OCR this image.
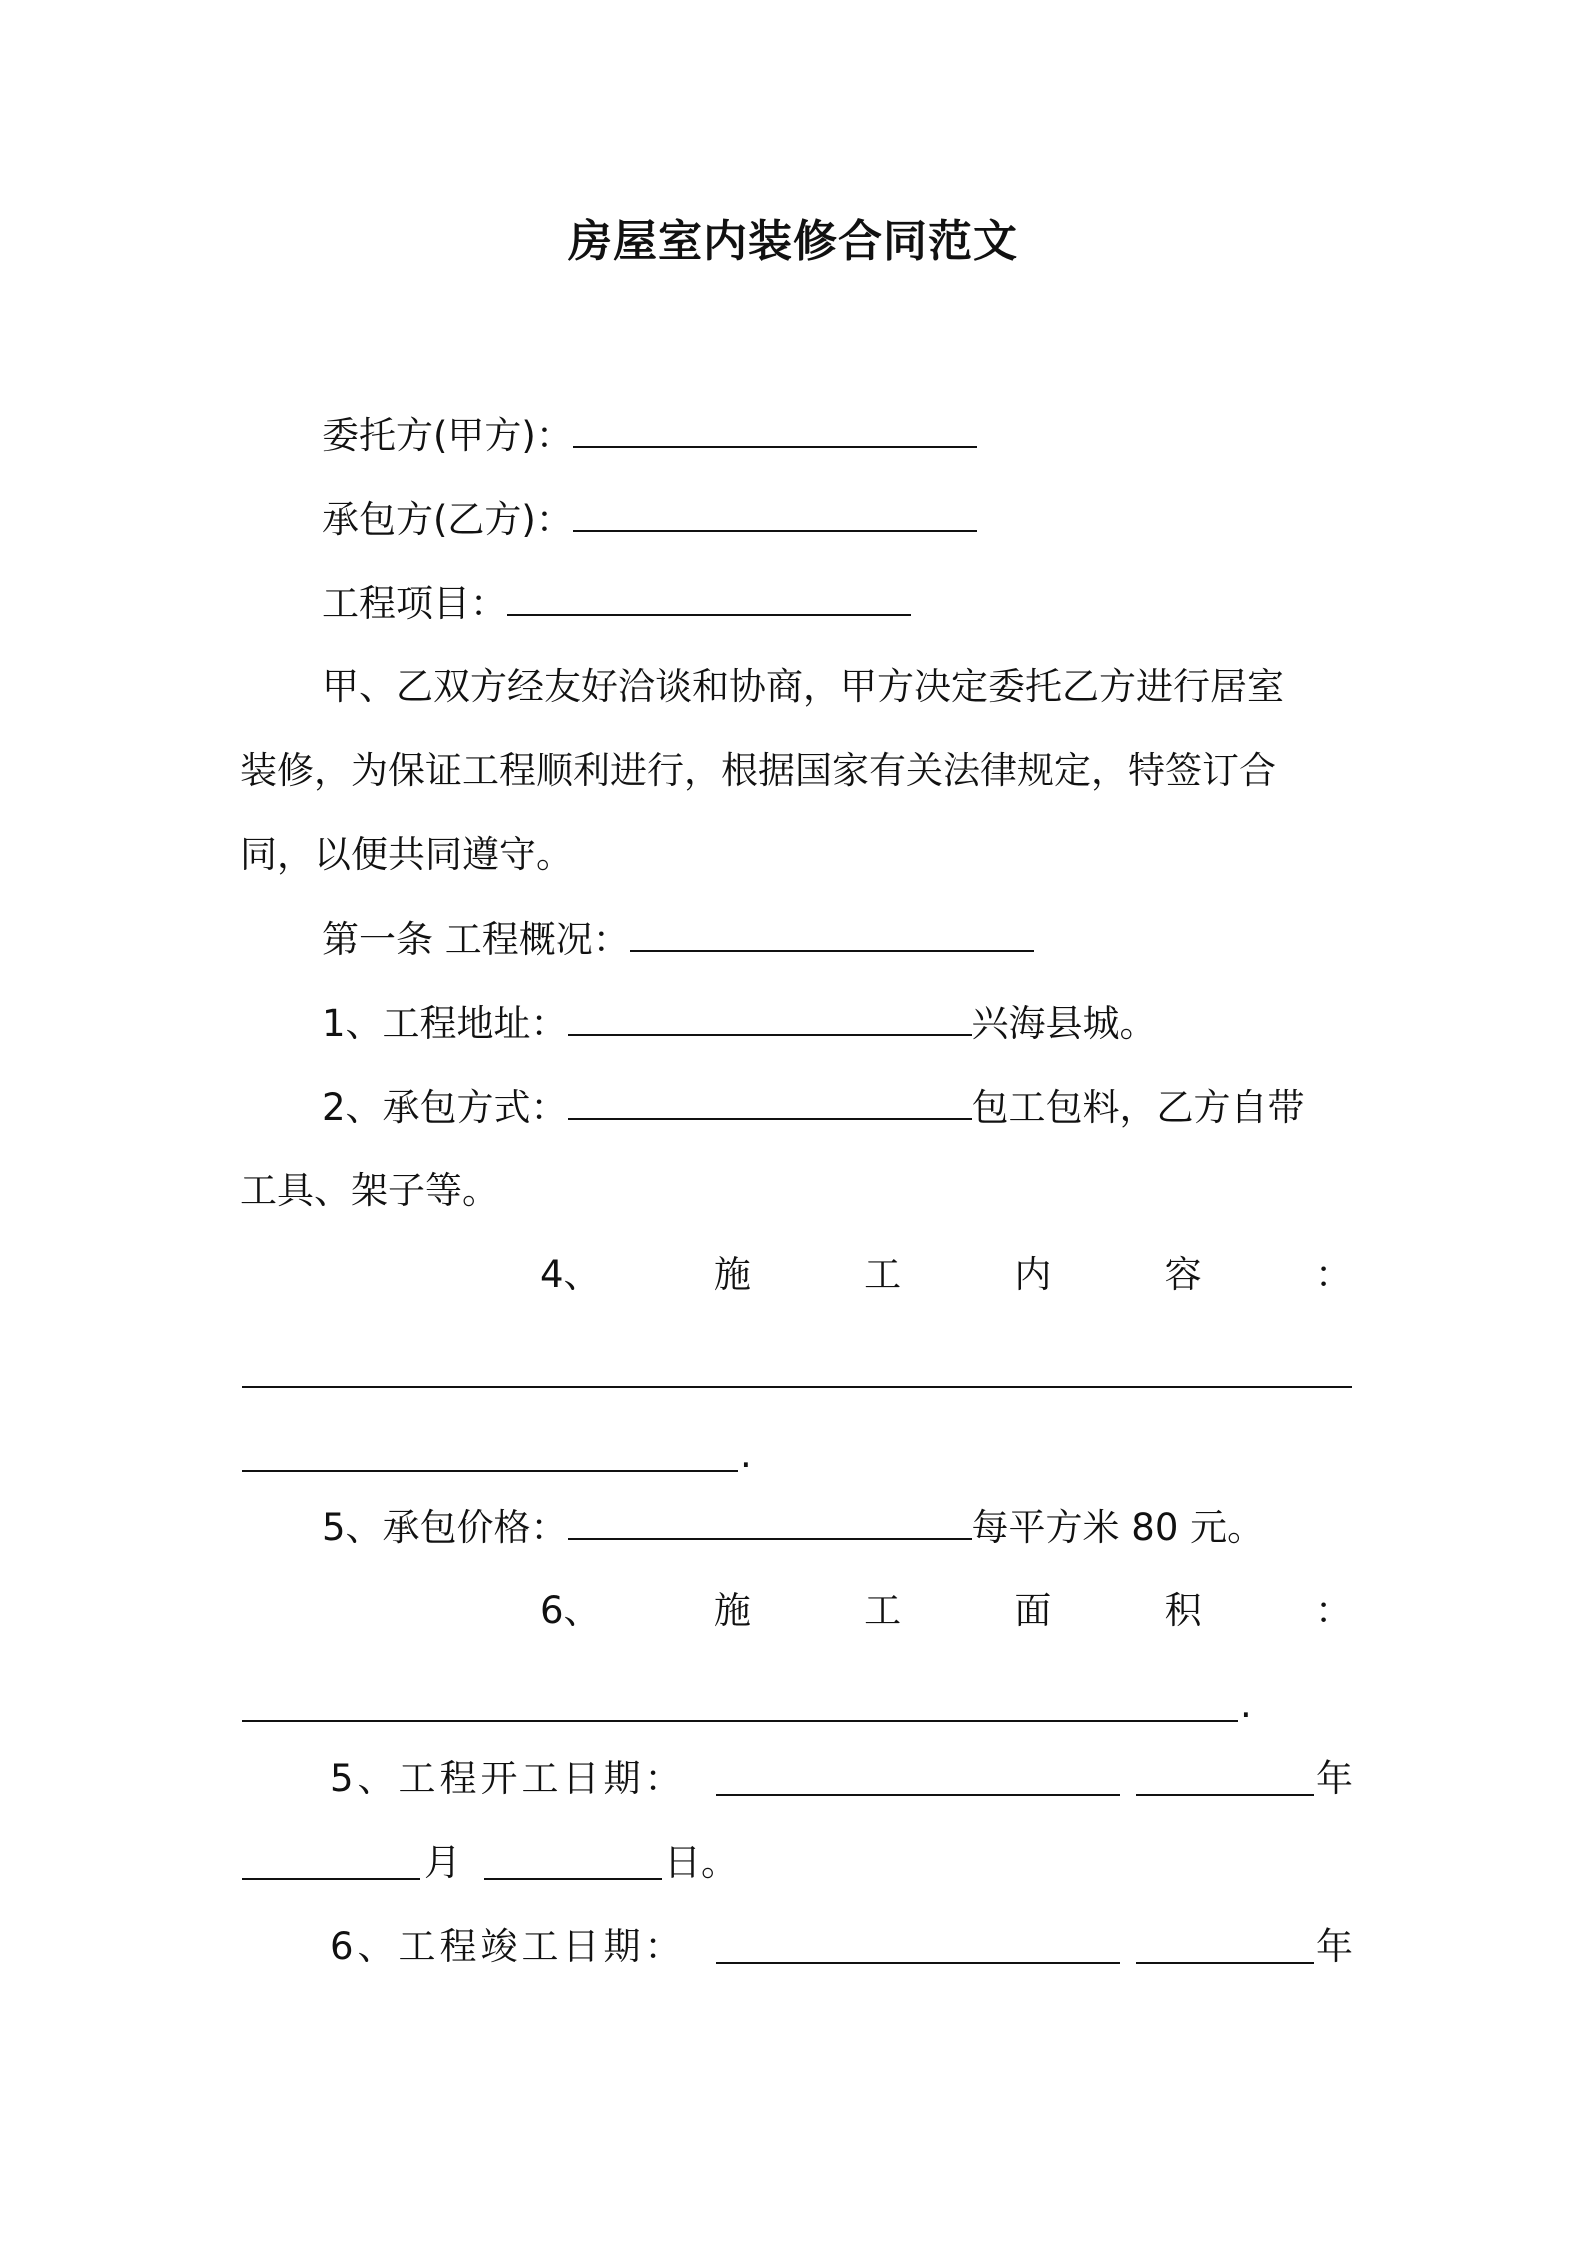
房屋室内装修合同范文
委托方(甲方)：
承包方(乙方)：
工程项目：
甲、乙双方经友好洽谈和协商，甲方决定委托乙方进行居室
装修，为保证工程顺利进行，根据国家有关法律规定，特签订合
同，以便共同遵守。
第一条 工程概况：
1、工程地址：	兴海县城。
2、承包方式：	包工包料，乙方自带
工具、架子等。
4、	施	工	内	容	：
.
5、承包价格：	每平方米 80 元。
6、	施	工	面	积	：
.
5、工程开工日期：	年
月	日。
6、工程竣工日期：	年
